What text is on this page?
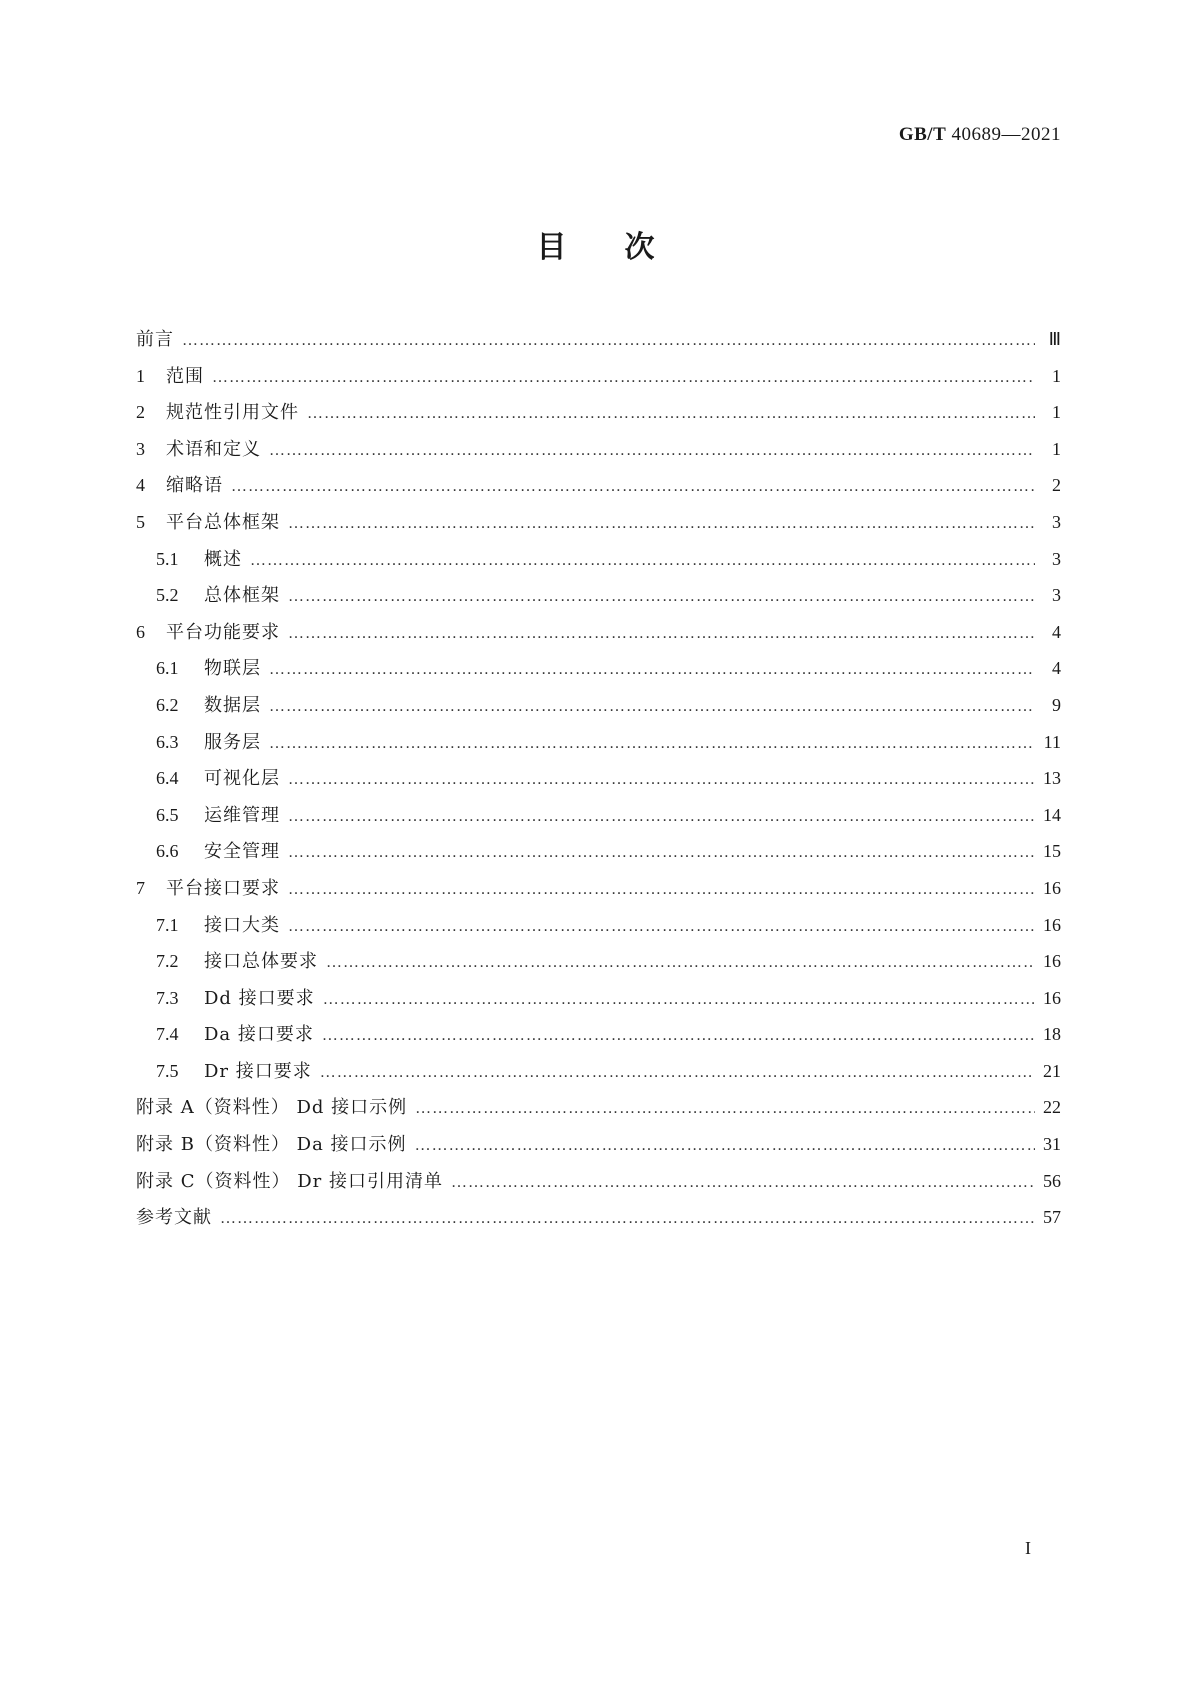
GB/T 40689—2021
目次
前言 …………………………………………………………………………………………………………………………………………………………………………………………	Ⅲ
1 范围 …………………………………………………………………………………………………………………………………………………………………………………………	1
2 规范性引用文件 …………………………………………………………………………………………………………………………………………………………………………………………	1
3 术语和定义 …………………………………………………………………………………………………………………………………………………………………………………………	1
4 缩略语 …………………………………………………………………………………………………………………………………………………………………………………………	2
5 平台总体框架 …………………………………………………………………………………………………………………………………………………………………………………………	3
5.1	概述 …………………………………………………………………………………………………………………………………………………………………………………………	3
5.2	总体框架 …………………………………………………………………………………………………………………………………………………………………………………………	3
6 平台功能要求 …………………………………………………………………………………………………………………………………………………………………………………………	4
6.1	物联层 …………………………………………………………………………………………………………………………………………………………………………………………	4
6.2	数据层 …………………………………………………………………………………………………………………………………………………………………………………………	9
6.3	服务层 …………………………………………………………………………………………………………………………………………………………………………………………	11
6.4	可视化层 …………………………………………………………………………………………………………………………………………………………………………………………	13
6.5	运维管理 …………………………………………………………………………………………………………………………………………………………………………………………	14
6.6	安全管理 …………………………………………………………………………………………………………………………………………………………………………………………	15
7 平台接口要求 …………………………………………………………………………………………………………………………………………………………………………………………	16
7.1	接口大类 …………………………………………………………………………………………………………………………………………………………………………………………	16
7.2	接口总体要求 …………………………………………………………………………………………………………………………………………………………………………………………	16
7.3	Dd 接口要求 …………………………………………………………………………………………………………………………………………………………………………………………	16
7.4	Da 接口要求 …………………………………………………………………………………………………………………………………………………………………………………………	18
7.5	Dr 接口要求 …………………………………………………………………………………………………………………………………………………………………………………………	21
附录 A（资料性） Dd 接口示例 …………………………………………………………………………………………………………………………………………………………………………………………	22
附录 B（资料性） Da 接口示例 …………………………………………………………………………………………………………………………………………………………………………………………	31
附录 C（资料性） Dr 接口引用清单 …………………………………………………………………………………………………………………………………………………………………………………………	56
参考文献 …………………………………………………………………………………………………………………………………………………………………………………………	57
I
